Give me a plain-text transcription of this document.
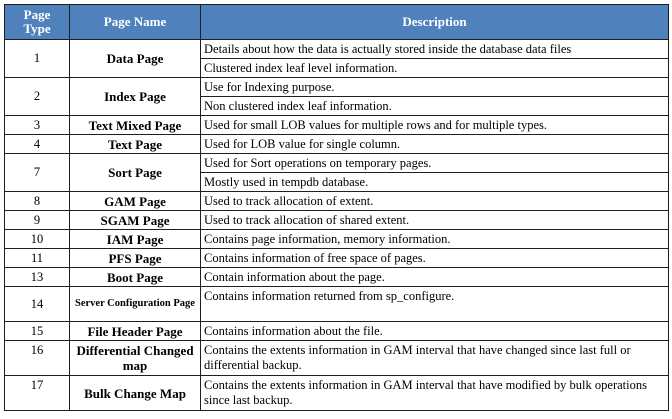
Page Type	Page Name	Description
1	Data Page	Details about how the data is actually stored inside the database data files
		Clustered index leaf level information.
2	Index Page	Use for Indexing purpose.
		Non clustered index leaf information.
3	Text Mixed Page	Used for small LOB values for multiple rows and for multiple types.
4	Text Page	Used for LOB value for single column.
7	Sort Page	Used for Sort operations on temporary pages.
		Mostly used in tempdb database.
8	GAM Page	Used to track allocation of extent.
9	SGAM Page	Used to track allocation of shared extent.
10	IAM Page	Contains page information, memory information.
11	PFS Page	Contains information of free space of pages.
13	Boot Page	Contain information about the page.
14	Server Configuration Page	Contains information returned from sp_configure.
15	File Header Page	Contains information about the file.
16	Differential Changed map	Contains the extents information in GAM interval that have changed since last full or differential backup.
17	Bulk Change Map	Contains the extents information in GAM interval that have modified by bulk operations since last backup.
